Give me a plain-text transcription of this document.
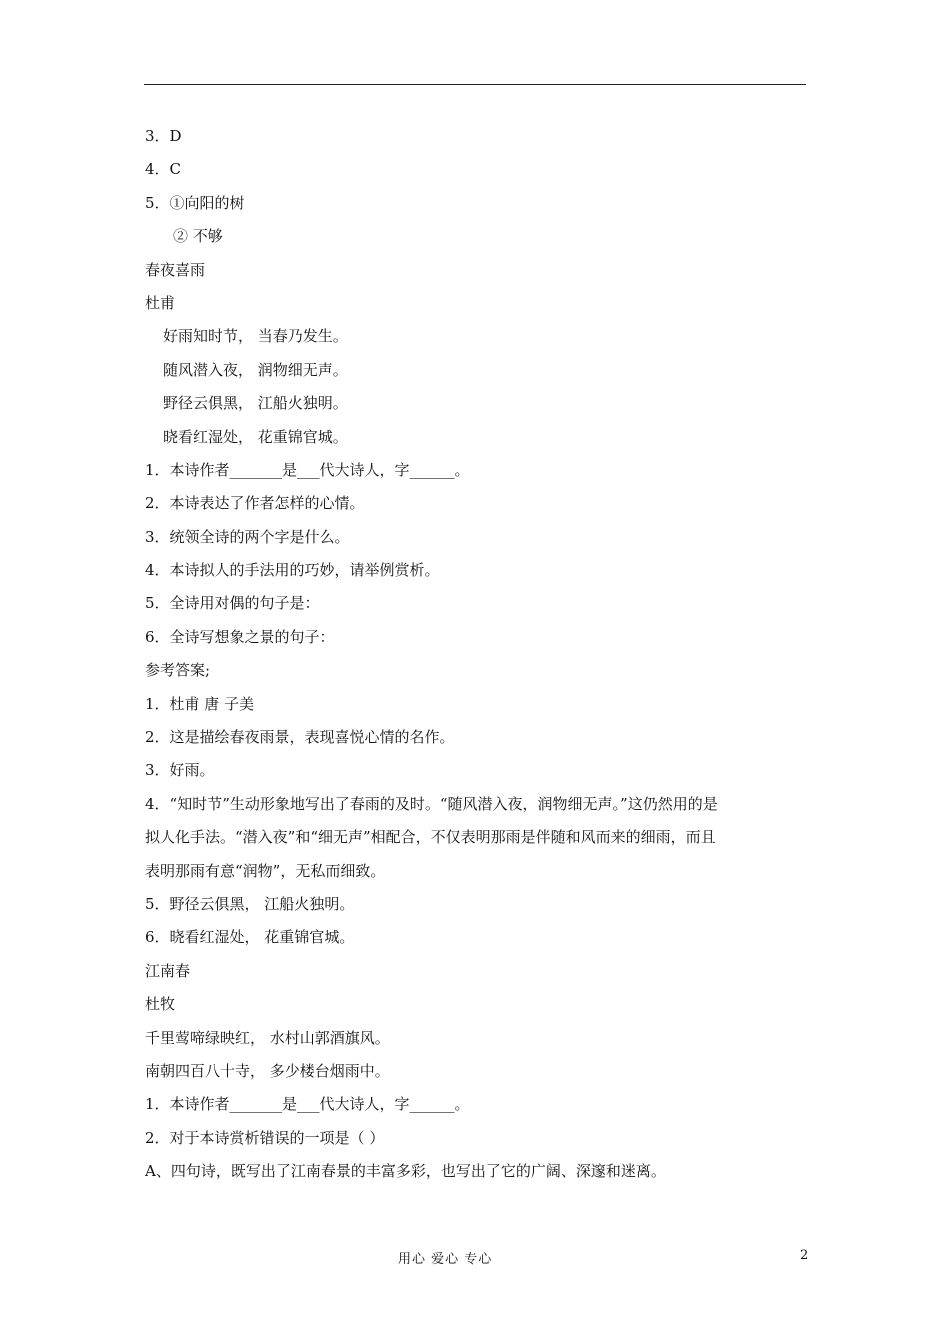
3．D
4．C
5．①向阳的树
② 不够
春夜喜雨
杜甫
好雨知时节， 当春乃发生。
随风潜入夜， 润物细无声。
野径云俱黑， 江船火独明。
晓看红湿处， 花重锦官城。
1．本诗作者_______是___代大诗人，字______。
2．本诗表达了作者怎样的心情。
3．统领全诗的两个字是什么。
4．本诗拟人的手法用的巧妙，请举例赏析。
5．全诗用对偶的句子是：
6．全诗写想象之景的句子：
参考答案;
1．杜甫 唐 子美
2．这是描绘春夜雨景，表现喜悦心情的名作。
3．好雨。
4．“知时节”生动形象地写出了春雨的及时。“随风潜入夜，润物细无声。”这仍然用的是
拟人化手法。“潜入夜”和“细无声”相配合，不仅表明那雨是伴随和风而来的细雨，而且
表明那雨有意“润物”，无私而细致。
5．野径云俱黑， 江船火独明。
6．晓看红湿处， 花重锦官城。
江南春
杜牧
千里莺啼绿映红， 水村山郭酒旗风。
南朝四百八十寺， 多少楼台烟雨中。
1．本诗作者_______是___代大诗人，字______。
2．对于本诗赏析错误的一项是（ ）
A、四句诗，既写出了江南春景的丰富多彩，也写出了它的广阔、深邃和迷离。
用心 爱心 专心	2
